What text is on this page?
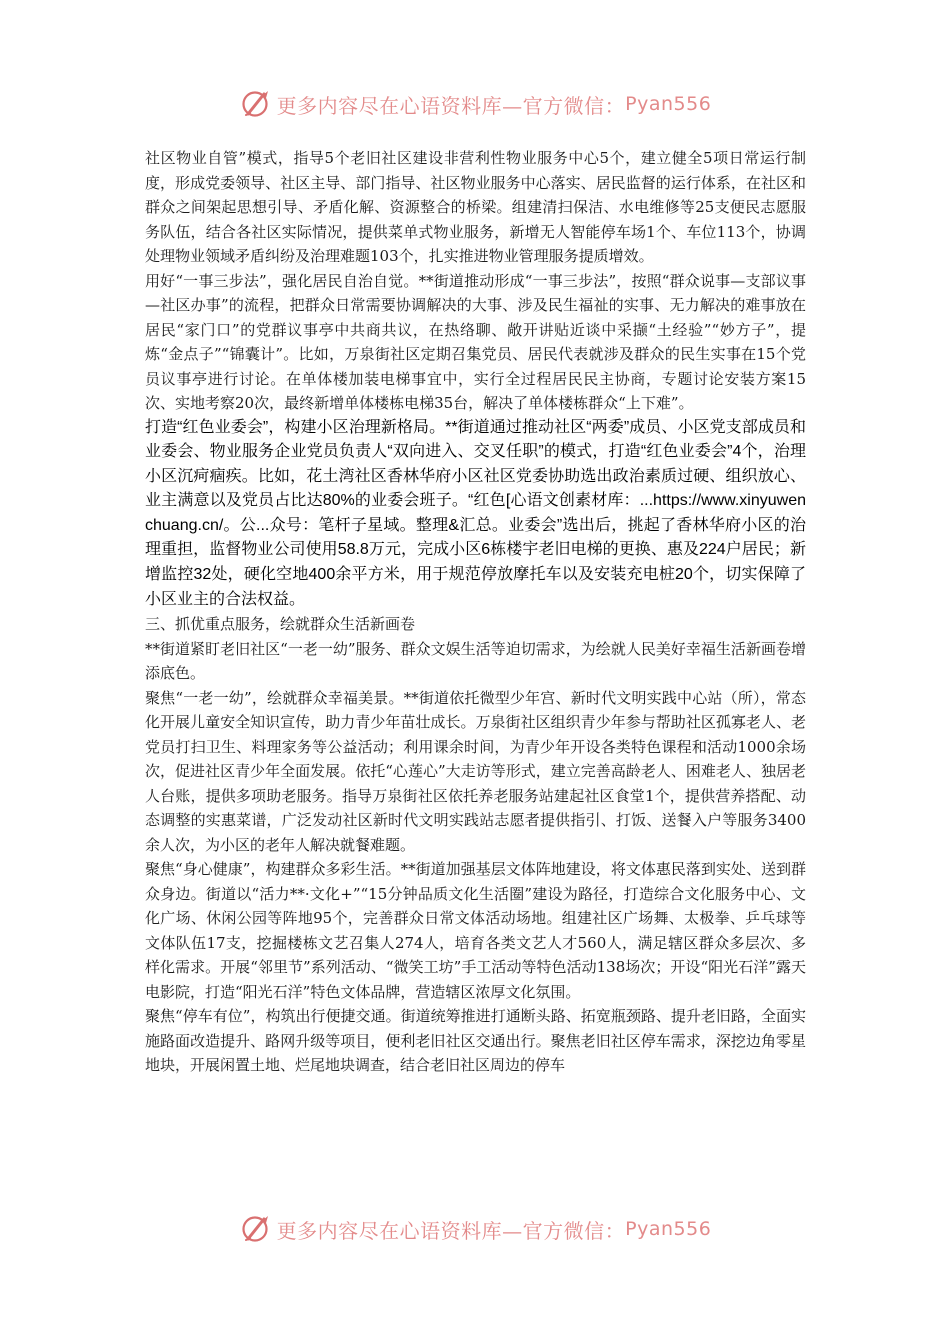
更多内容尽在心语资料库—官方微信： Pyan556

社区物业自管”模式，指导5个老旧社区建设非营利性物业服务中心5个，建立健全5项日常运行制度，形成党委领导、社区主导、部门指导、社区物业服务中心落实、居民监督的运行体系，在社区和群众之间架起思想引导、矛盾化解、资源整合的桥梁。组建清扫保洁、水电维修等25支便民志愿服务队伍，结合各社区实际情况，提供菜单式物业服务，新增无人智能停车场1个、车位113个，协调处理物业领域矛盾纠纷及治理难题103个，扎实推进物业管理服务提质增效。

用好“一事三步法”，强化居民自治自觉。**街道推动形成“一事三步法”，按照“群众说事—支部议事—社区办事”的流程，把群众日常需要协调解决的大事、涉及民生福祉的实事、无力解决的难事放在居民“家门口”的党群议事亭中共商共议，在热络聊、敞开讲贴近谈中采撷“土经验”“妙方子”，提炼“金点子”“锦囊计”。比如，万泉街社区定期召集党员、居民代表就涉及群众的民生实事在15个党员议事亭进行讨论。在单体楼加装电梯事宜中，实行全过程居民民主协商，专题讨论安装方案15次、实地考察20次，最终新增单体楼栋电梯35台，解决了单体楼栋群众“上下难”。

打造“红色业委会”，构建小区治理新格局。**街道通过推动社区“两委”成员、小区党支部成员和业委会、物业服务企业党员负责人“双向进入、交叉任职”的模式，打造“红色业委会”4个，治理小区沉疴痼疾。比如，花土湾社区香林华府小区社区党委协助选出政治素质过硬、组织放心、业主满意以及党员占比达80%的业委会班子。“红色[心语文创素材库：...https://www.xinyuwenchuang.cn/。公...众号：笔杆子星域。整理&汇总。业委会”选出后，挑起了香林华府小区的治理重担，监督物业公司使用58.8万元，完成小区6栋楼宇老旧电梯的更换、惠及224户居民；新增监控32处，硬化空地400余平方米，用于规范停放摩托车以及安装充电桩20个，切实保障了小区业主的合法权益。

三、抓优重点服务，绘就群众生活新画卷

**街道紧盯老旧社区“一老一幼”服务、群众文娱生活等迫切需求，为绘就人民美好幸福生活新画卷增添底色。

聚焦“一老一幼”，绘就群众幸福美景。**街道依托微型少年宫、新时代文明实践中心站（所），常态化开展儿童安全知识宣传，助力青少年苗壮成长。万泉街社区组织青少年参与帮助社区孤寡老人、老党员打扫卫生、料理家务等公益活动；利用课余时间，为青少年开设各类特色课程和活动1000余场次，促进社区青少年全面发展。依托“心莲心”大走访等形式，建立完善高龄老人、困难老人、独居老人台账，提供多项助老服务。指导万泉街社区依托养老服务站建起社区食堂1个，提供营养搭配、动态调整的实惠菜谱，广泛发动社区新时代文明实践站志愿者提供指引、打饭、送餐入户等服务3400余人次，为小区的老年人解决就餐难题。

聚焦“身心健康”，构建群众多彩生活。**街道加强基层文体阵地建设，将文体惠民落到实处、送到群众身边。街道以“活力**·文化+”“15分钟品质文化生活圈”建设为路径，打造综合文化服务中心、文化广场、休闲公园等阵地95个，完善群众日常文体活动场地。组建社区广场舞、太极拳、乒乓球等文体队伍17支，挖掘楼栋文艺召集人274人，培育各类文艺人才560人，满足辖区群众多层次、多样化需求。开展“邻里节”系列活动、“微笑工坊”手工活动等特色活动138场次；开设“阳光石洋”露天电影院，打造“阳光石洋”特色文体品牌，营造辖区浓厚文化氛围。

聚焦“停车有位”，构筑出行便捷交通。街道统筹推进打通断头路、拓宽瓶颈路、提升老旧路，全面实施路面改造提升、路网升级等项目，便利老旧社区交通出行。聚焦老旧社区停车需求，深挖边角零星地块，开展闲置土地、烂尾地块调查，结合老旧社区周边的停车

更多内容尽在心语资料库—官方微信： Pyan556
